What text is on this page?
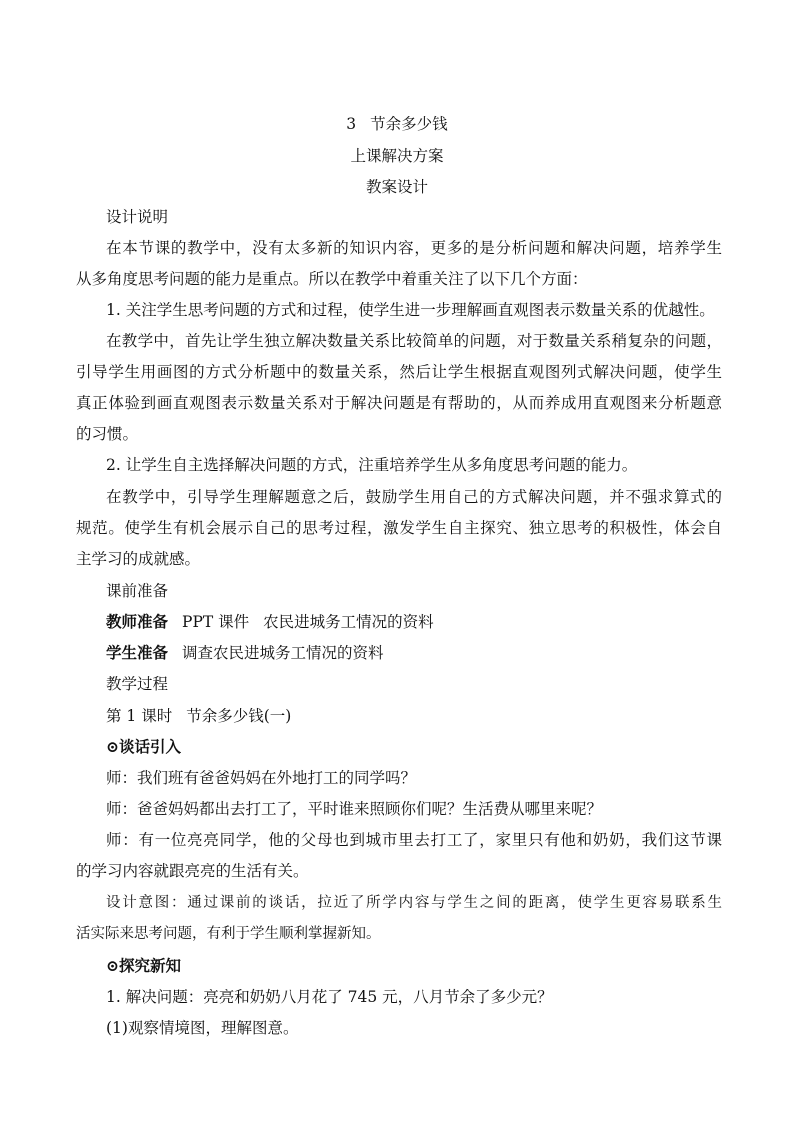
3 节余多少钱
上课解决方案
教案设计
设计说明
在本节课的教学中，没有太多新的知识内容，更多的是分析问题和解决问题，培养学生
从多角度思考问题的能力是重点。所以在教学中着重关注了以下几个方面：
1. 关注学生思考问题的方式和过程，使学生进一步理解画直观图表示数量关系的优越性。
在教学中，首先让学生独立解决数量关系比较简单的问题，对于数量关系稍复杂的问题，
引导学生用画图的方式分析题中的数量关系，然后让学生根据直观图列式解决问题，使学生
真正体验到画直观图表示数量关系对于解决问题是有帮助的，从而养成用直观图来分析题意
的习惯。
2. 让学生自主选择解决问题的方式，注重培养学生从多角度思考问题的能力。
在教学中，引导学生理解题意之后，鼓励学生用自己的方式解决问题，并不强求算式的
规范。使学生有机会展示自己的思考过程，激发学生自主探究、独立思考的积极性，体会自
主学习的成就感。
课前准备
教师准备 PPT 课件 农民进城务工情况的资料
学生准备 调查农民进城务工情况的资料
教学过程
第 1 课时 节余多少钱(一)
⊙谈话引入
师：我们班有爸爸妈妈在外地打工的同学吗？
师：爸爸妈妈都出去打工了，平时谁来照顾你们呢？生活费从哪里来呢？
师：有一位亮亮同学，他的父母也到城市里去打工了，家里只有他和奶奶，我们这节课
的学习内容就跟亮亮的生活有关。
设计意图：通过课前的谈话，拉近了所学内容与学生之间的距离，使学生更容易联系生
活实际来思考问题，有利于学生顺利掌握新知。
⊙探究新知
1. 解决问题：亮亮和奶奶八月花了 745 元，八月节余了多少元？
(1)观察情境图，理解图意。
